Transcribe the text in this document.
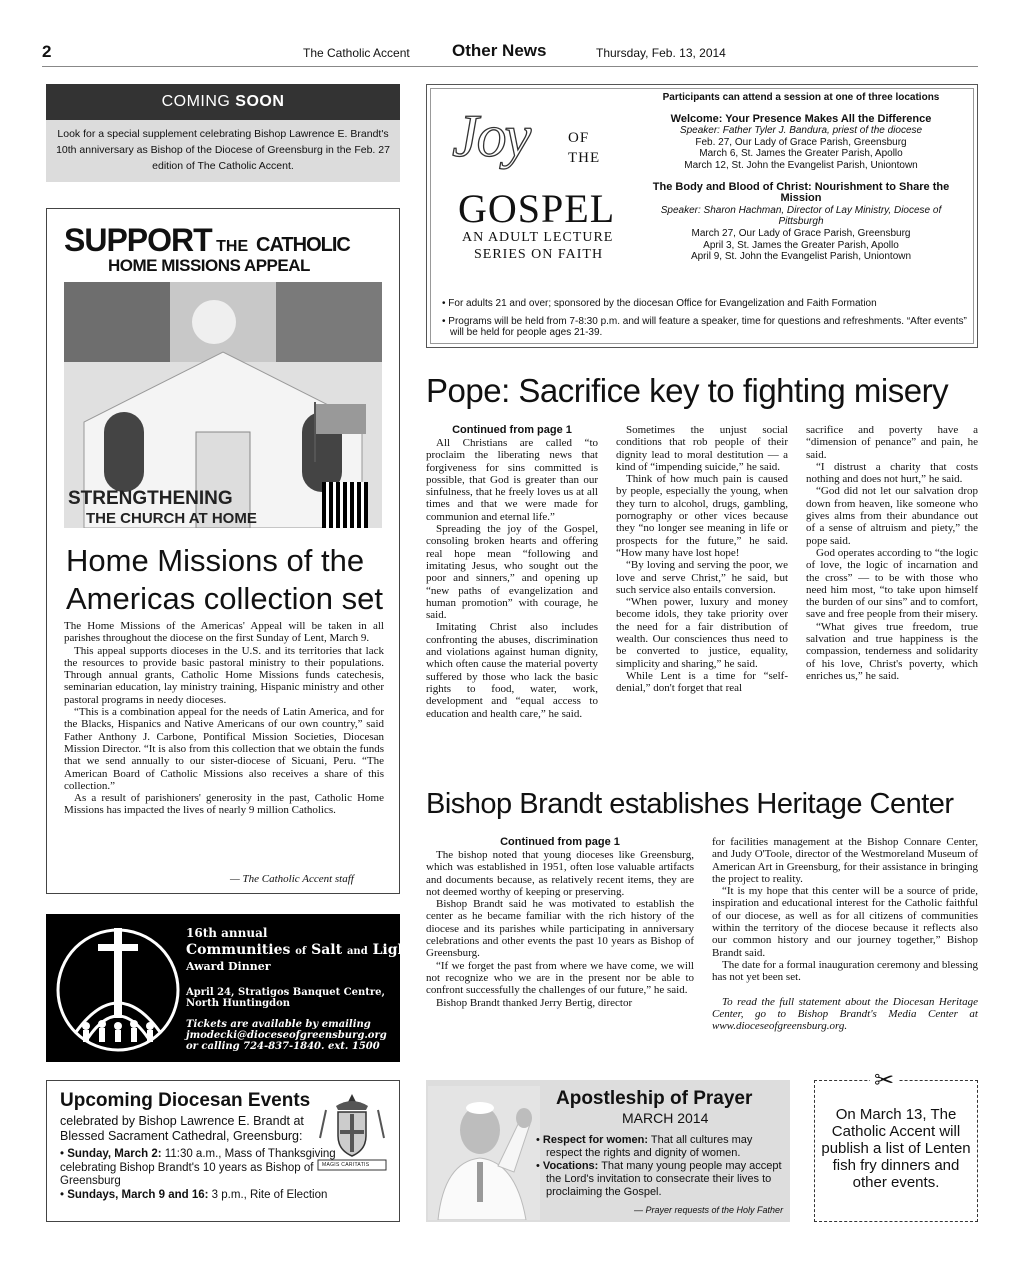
2	The Catholic Accent Other News	Thursday, Feb. 13, 2014
COMING SOON
Look for a special supplement celebrating Bishop Lawrence E. Brandt's 10th anniversary as Bishop of the Diocese of Greensburg in the Feb. 27 edition of The Catholic Accent.
SUPPORT THE CATHOLIC
HOME MISSIONS APPEAL
STRENGTHENING
THE CHURCH AT HOME
Home Missions of the Americas collection set

The Home Missions of the Americas' Appeal will be taken in all parishes throughout the diocese on the first Sunday of Lent, March 9.

This appeal supports dioceses in the U.S. and its territories that lack the resources to provide basic pastoral ministry to their populations. Through annual grants, Catholic Home Missions funds catechesis, seminarian education, lay ministry training, Hispanic ministry and other pastoral programs in needy dioceses.

“This is a combination appeal for the needs of Latin America, and for the Blacks, Hispanics and Native Americans of our own country,” said Father Anthony J. Carbone, Pontifical Mission Societies, Diocesan Mission Director. “It is also from this collection that we obtain the funds that we send annually to our sister-diocese of Sicuani, Peru. “The American Board of Catholic Missions also receives a share of this collection.”

As a result of parishioners' generosity in the past, Catholic Home Missions has impacted the lives of nearly 9 million Catholics.

— The Catholic Accent staff
16th annual
Communities of Salt and Light
Award Dinner
April 24, Stratigos Banquet Centre,
North Huntingdon
Tickets are available by emailing
jmodecki@dioceseofgreensburg.org
or calling 724-837-1840. ext. 1500
Upcoming Diocesan Events
celebrated by Bishop Lawrence E. Brandt at Blessed Sacrament Cathedral, Greensburg:
• Sunday, March 2: 11:30 a.m., Mass of Thanksgiving celebrating Bishop Brandt's 10 years as Bishop of Greensburg
• Sundays, March 9 and 16: 3 p.m., Rite of Election
MAGIS CARITATIS
Joy	OF
THE
GOSPEL
AN ADULT LECTURE
SERIES ON FAITH
Participants can attend a session at one of three locations
Welcome: Your Presence Makes All the Difference
Speaker: Father Tyler J. Bandura, priest of the diocese
Feb. 27, Our Lady of Grace Parish, Greensburg
March 6, St. James the Greater Parish, Apollo
March 12, St. John the Evangelist Parish, Uniontown
The Body and Blood of Christ: Nourishment to Share the Mission
Speaker: Sharon Hachman, Director of Lay Ministry, Diocese of Pittsburgh
March 27, Our Lady of Grace Parish, Greensburg
April 3, St. James the Greater Parish, Apollo
April 9, St. John the Evangelist Parish, Uniontown
• For adults 21 and over; sponsored by the diocesan Office for Evangelization and Faith Formation
• Programs will be held from 7-8:30 p.m. and will feature a speaker, time for questions and refreshments. “After events” will be held for people ages 21-39.
Pope: Sacrifice key to fighting misery
Continued from page 1

All Christians are called “to proclaim the liberating news that forgiveness for sins committed is possible, that God is greater than our sinfulness, that he freely loves us at all times and that we were made for communion and eternal life.”

Spreading the joy of the Gospel, consoling broken hearts and offering real hope mean “following and imitating Jesus, who sought out the poor and sinners,” and opening up “new paths of evangelization and human promotion” with courage, he said.

Imitating Christ also includes confronting the abuses, discrimination and violations against human dignity, which often cause the material poverty suffered by those who lack the basic rights to food, water, work, development and “equal access to education and health care,” he said.

Sometimes the unjust social conditions that rob people of their dignity lead to moral destitution — a kind of “impending suicide,” he said.

Think of how much pain is caused by people, especially the young, when they turn to alcohol, drugs, gambling, pornography or other vices because they “no longer see meaning in life or prospects for the future,” he said. “How many have lost hope!

“By loving and serving the poor, we love and serve Christ,” he said, but such service also entails conversion.

“When power, luxury and money become idols, they take priority over the need for a fair distribution of wealth. Our consciences thus need to be converted to justice, equality, simplicity and sharing,” he said.

While Lent is a time for “self-denial,” don't forget that real

sacrifice and poverty have a “dimension of penance” and pain, he said.

“I distrust a charity that costs nothing and does not hurt,” he said.

“God did not let our salvation drop down from heaven, like someone who gives alms from their abundance out of a sense of altruism and piety,” the pope said.

God operates according to “the logic of love, the logic of incarnation and the cross” — to be with those who need him most, “to take upon himself the burden of our sins” and to comfort, save and free people from their misery.

“What gives true freedom, true salvation and true happiness is the compassion, tenderness and solidarity of his love, Christ's poverty, which enriches us,” he said.

Bishop Brandt establishes Heritage Center
Continued from page 1

The bishop noted that young dioceses like Greensburg, which was established in 1951, often lose valuable artifacts and documents because, as relatively recent items, they are not deemed worthy of keeping or preserving.

Bishop Brandt said he was motivated to establish the center as he became familiar with the rich history of the diocese and its parishes while participating in anniversary celebrations and other events the past 10 years as Bishop of Greensburg.

“If we forget the past from where we have come, we will not recognize who we are in the present nor be able to confront successfully the challenges of our future,” he said.

Bishop Brandt thanked Jerry Bertig, director

for facilities management at the Bishop Connare Center, and Judy O'Toole, director of the Westmoreland Museum of American Art in Greensburg, for their assistance in bringing the project to reality.

“It is my hope that this center will be a source of pride, inspiration and educational interest for the Catholic faithful of our diocese, as well as for all citizens of communities within the territory of the diocese because it reflects also our common history and our journey together,” Bishop Brandt said.

The date for a formal inauguration ceremony and blessing has not yet been set.

To read the full statement about the Diocesan Heritage Center, go to Bishop Brandt's Media Center at www.dioceseofgreensburg.org.

Apostleship of Prayer
MARCH 2014
• Respect for women: That all cultures may respect the rights and dignity of women.
• Vocations: That many young people may accept the Lord's invitation to consecrate their lives to proclaiming the Gospel.
— Prayer requests of the Holy Father
✂
On March 13, The Catholic Accent will publish a list of Lenten fish fry dinners and other events.
